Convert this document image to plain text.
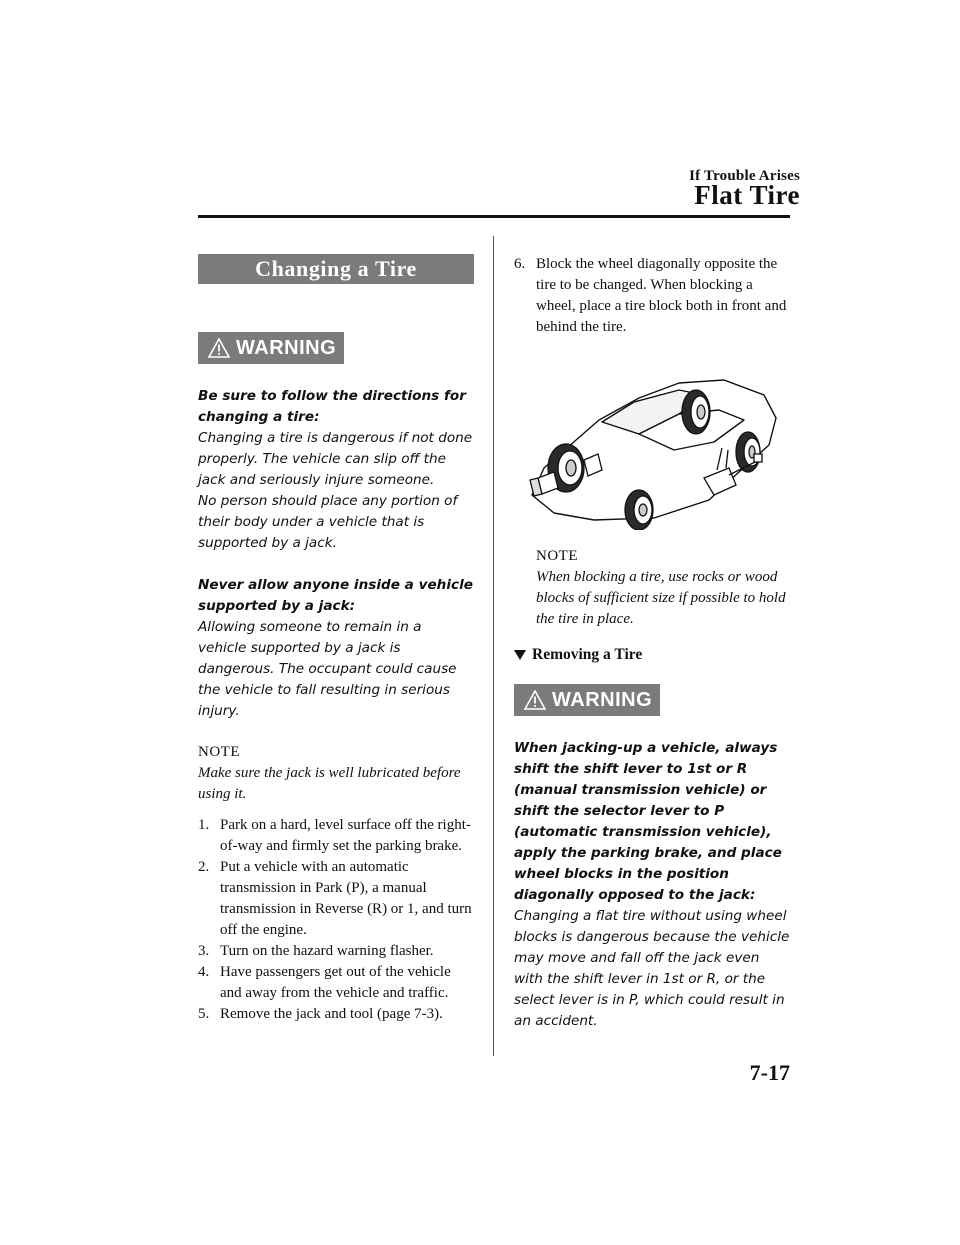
If Trouble Arises
Flat Tire
Changing a Tire
WARNING
Be sure to follow the directions for changing a tire:
Changing a tire is dangerous if not done properly. The vehicle can slip off the jack and seriously injure someone.
No person should place any portion of their body under a vehicle that is supported by a jack.
Never allow anyone inside a vehicle supported by a jack:
Allowing someone to remain in a vehicle supported by a jack is dangerous. The occupant could cause the vehicle to fall resulting in serious injury.
NOTE
Make sure the jack is well lubricated before using it.
1. Park on a hard, level surface off the right-of-way and firmly set the parking brake.
2. Put a vehicle with an automatic transmission in Park (P), a manual transmission in Reverse (R) or 1, and turn off the engine.
3. Turn on the hazard warning flasher.
4. Have passengers get out of the vehicle and away from the vehicle and traffic.
5. Remove the jack and tool (page 7-3).
6. Block the wheel diagonally opposite the tire to be changed. When blocking a wheel, place a tire block both in front and behind the tire.
NOTE
When blocking a tire, use rocks or wood blocks of sufficient size if possible to hold the tire in place.
Removing a Tire
WARNING
When jacking-up a vehicle, always shift the shift lever to 1st or R (manual transmission vehicle) or shift the selector lever to P (automatic transmission vehicle), apply the parking brake, and place wheel blocks in the position diagonally opposed to the jack:
Changing a flat tire without using wheel blocks is dangerous because the vehicle may move and fall off the jack even with the shift lever in 1st or R, or the select lever is in P, which could result in an accident.
7-17
